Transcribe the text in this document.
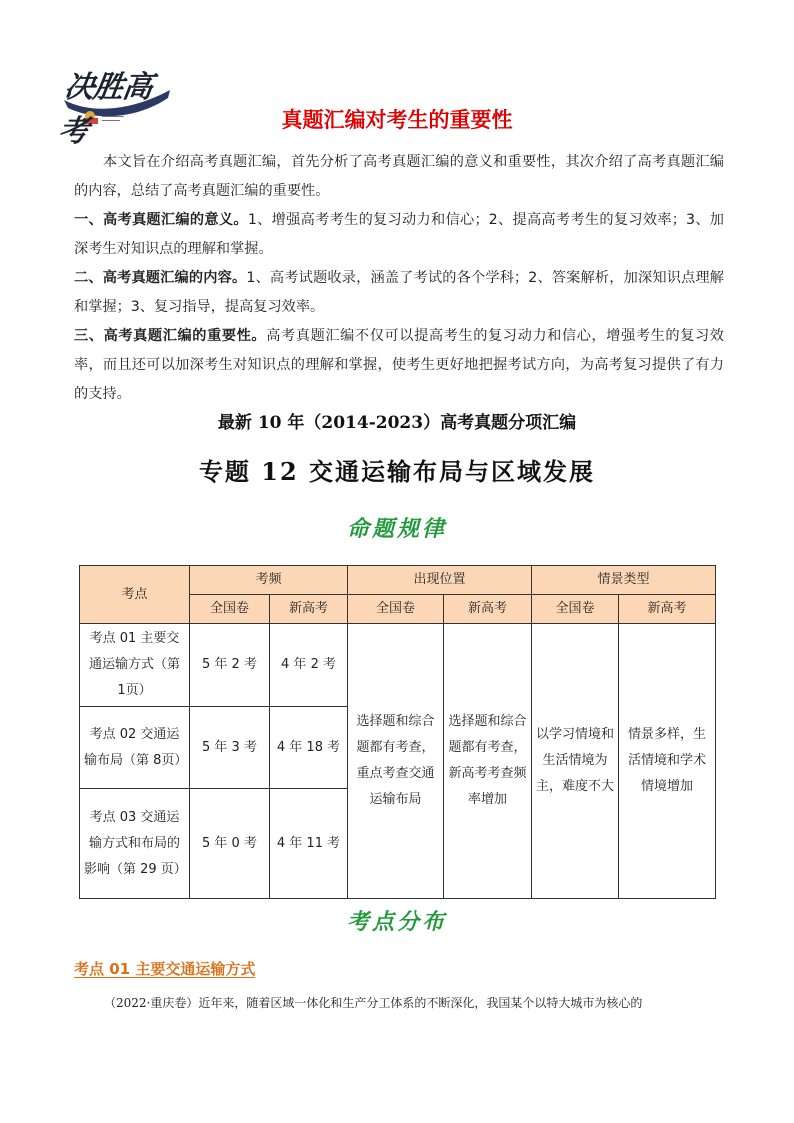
决胜高考	真题汇编对考生的重要性
本文旨在介绍高考真题汇编，首先分析了高考真题汇编的意义和重要性，其次介绍了高考真题汇编的内容，总结了高考真题汇编的重要性。
一、高考真题汇编的意义。1、增强高考考生的复习动力和信心；2、提高高考考生的复习效率；3、加深考生对知识点的理解和掌握。
二、高考真题汇编的内容。1、高考试题收录，涵盖了考试的各个学科；2、答案解析，加深知识点理解和掌握；3、复习指导，提高复习效率。
三、高考真题汇编的重要性。高考真题汇编不仅可以提高考生的复习动力和信心，增强考生的复习效率，而且还可以加深考生对知识点的理解和掌握，使考生更好地把握考试方向，为高考复习提供了有力的支持。
最新 10 年（2014-2023）高考真题分项汇编
专题 12 交通运输布局与区域发展
命题规律
考点	考频		出现位置		情景类型	
	全国卷	新高考	全国卷	新高考	全国卷	新高考
考点 01 主要交通运输方式（第 1页）	5 年 2 考	4 年 2 考	选择题和综合题都有考查，重点考查交通运输布局	选择题和综合题都有考查，新高考考查频率增加	以学习情境和生活情境为主，难度不大	情景多样，生活情境和学术情境增加
考点 02 交通运输布局（第 8页）	5 年 3 考	4 年 18 考				
考点 03 交通运输方式和布局的影响（第 29 页）	5 年 0 考	4 年 11 考				
考点分布
考点 01 主要交通运输方式
（2022·重庆卷）近年来，随着区域一体化和生产分工体系的不断深化，我国某个以特大城市为核心的
